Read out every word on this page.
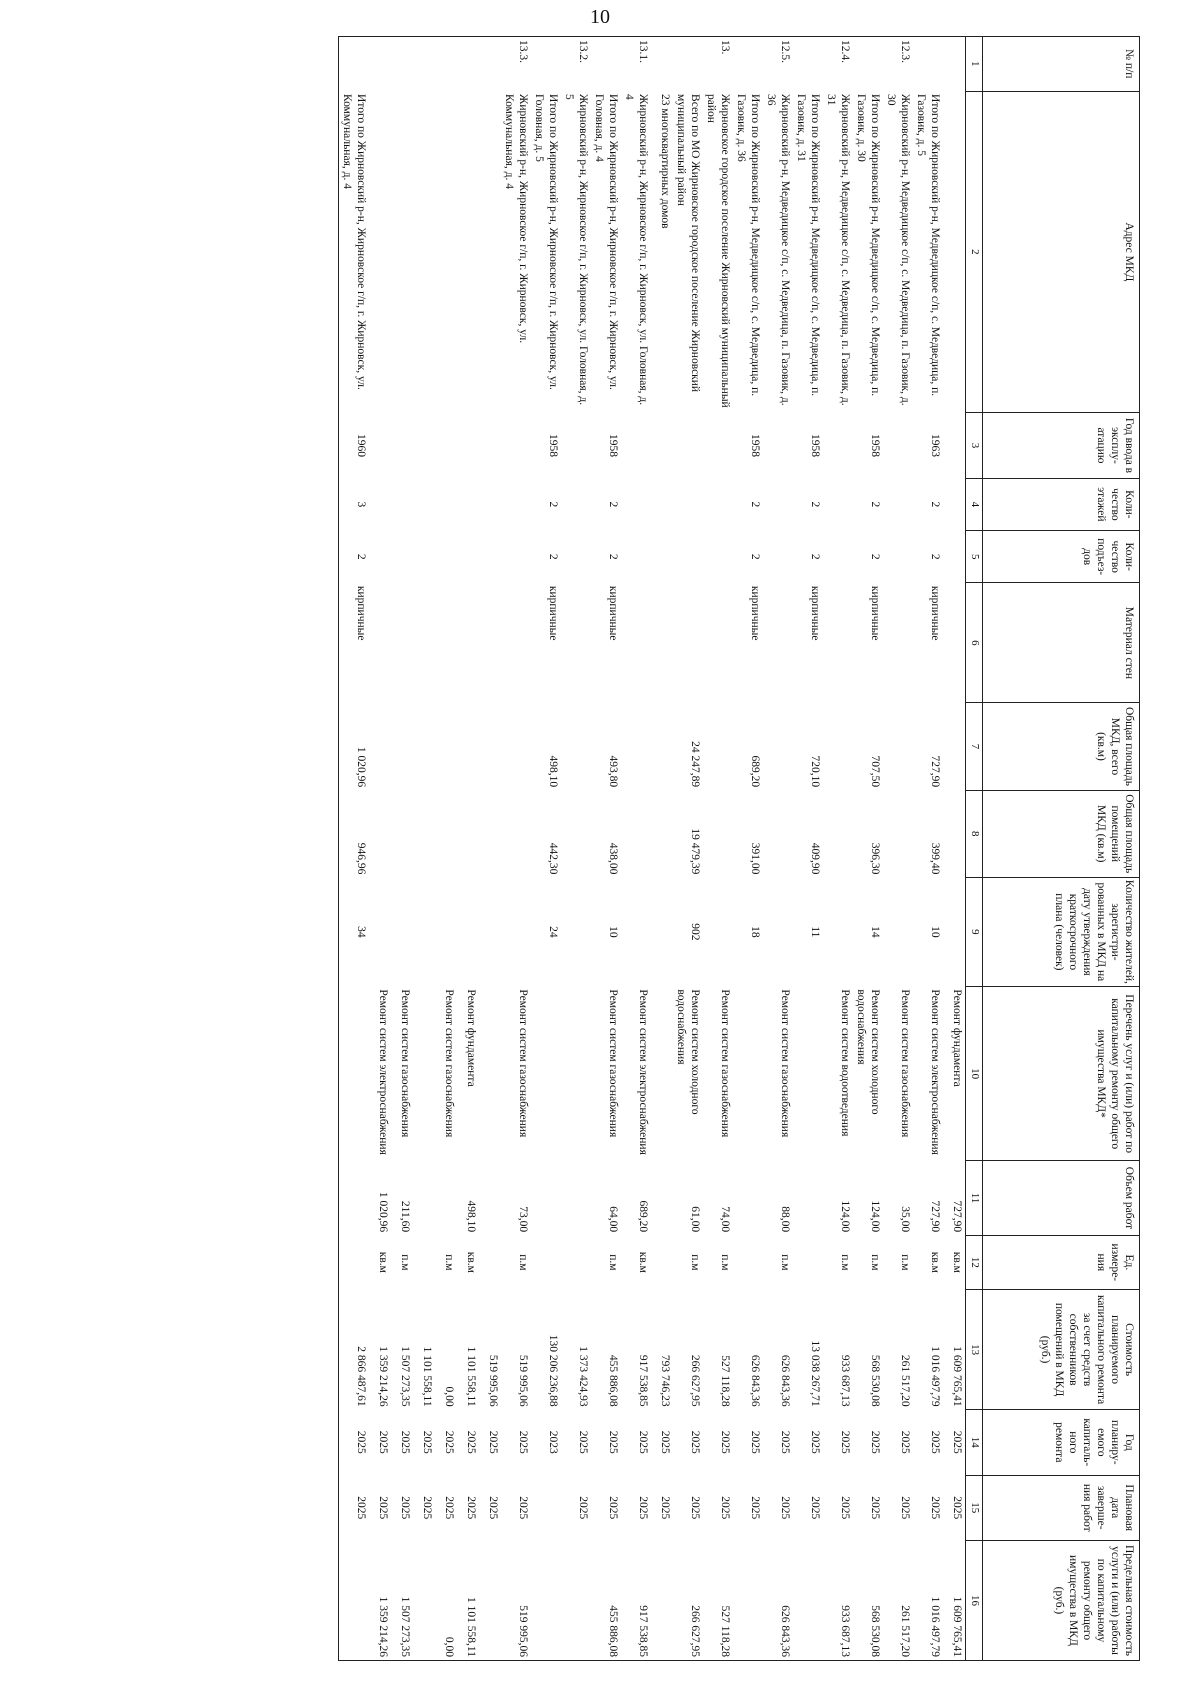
10
№ п/п	Адрес МКД	Год ввода в эксплу-атацию	Коли-чество этажей	Коли-чество подъез-дов	Материал стен	Общая площадь МКД, всего (кв.м)	Общая площадь помещений МКД (кв.м)	Количество жителей, зарегистри-рованных в МКД на дату утверждения краткосрочного плана (человек)	Перечень услуг и (или) работ по капитальному ремонту общего имущества МКД*	Объем работ	Ед. измере-ния	Стоимость планируемого капитального ремонта за счет средств собственников помещений в МКД (руб.)	Год планиру-емого капиталь-ного ремонта	Плановая дата заверше-ния работ	Предельная стоимость услуги и (или) работы по капитальному ремонту общего имущества в МКД (руб.)
1	2	3	4	5	6	7	8	9	10	11	12	13	14	15	16
									Ремонт фундамента	727,90	кв.м	1 609 765,41	2025	2025	1 609 765,41
	Итого по Жирновский р-н, Медведицкое с/п, с. Медведица, п. Газовик, д. 5	1963	2	2	кирпичные	727,90	399,40	10	Ремонт систем электроснабжения	727,90	кв.м	1 016 497,79	2025	2025	1 016 497,79
12.3.	Жирновский р-н, Медведицкое с/п, с. Медведица, п. Газовик, д. 30								Ремонт систем газоснабжения	35,00	п.м	261 517,20	2025	2025	261 517,20
	Итого по Жирновский р-н, Медведицкое с/п, с. Медведица, п. Газовик, д. 30	1958	2	2	кирпичные	707,50	396,30	14	Ремонт систем холодного водоснабжения	124,00	п.м	568 530,08	2025	2025	568 530,08
12.4.	Жирновский р-н, Медведицкое с/п, с. Медведица, п. Газовик, д. 31								Ремонт систем водоотведения	124,00	п.м	933 687,13	2025	2025	933 687,13
	Итого по Жирновский р-н, Медведицкое с/п, с. Медведица, п. Газовик, д. 31	1958	2	2	кирпичные	720,10	409,90	11				13 038 267,71	2025	2025	
12.5.	Жирновский р-н, Медведицкое с/п, с. Медведица, п. Газовик, д. 36								Ремонт систем газоснабжения	88,00	п.м	626 843,36	2025	2025	626 843,36
	Итого по Жирновский р-н, Медведицкое с/п, с. Медведица, п. Газовик, д. 36	1958	2	2	кирпичные	689,20	391,00	18				626 843,36	2025	2025	
13.	Жирновское городское поселение Жирновский муниципальный район								Ремонт систем газоснабжения	74,00	п.м	527 118,28	2025	2025	527 118,28
	Всего по МО Жирновское городское поселение Жирновский муниципальный район					24 247,89	19 479,39	902	Ремонт систем холодного водоснабжения	61,00	п.м	266 627,95	2025	2025	266 627,95
	23 многоквартирных домов											793 746,23	2025	2025	
13.1.	Жирновский р-н, Жирновское г/п, г. Жирновск, ул. Головная, д. 4								Ремонт систем электроснабжения	689,20	кв.м	917 538,85	2025	2025	917 538,85
	Итого по Жирновский р-н, Жирновское г/п, г. Жирновск, ул. Головная, д. 4	1958	2	2	кирпичные	493,80	438,00	10	Ремонт систем газоснабжения	64,00	п.м	455 886,08	2025	2025	455 886,08
13.2.	Жирновский р-н, Жирновское г/п, г. Жирновск, ул. Головная, д. 5											1 373 424,93	2025	2025	
	Итого по Жирновский р-н, Жирновское г/п, г. Жирновск, ул. Головная, д. 5	1958	2	2	кирпичные	498,10	442,30	24				130 206 236,88	2023		
13.3.	Жирновский р-н, Жирновское г/п, г. Жирновск, ул. Коммунальная, д. 4								Ремонт систем газоснабжения	73,00	п.м	519 995,06	2025	2025	519 995,06
												519 995,06	2025	2025	
									Ремонт фундамента	498,10	кв.м	1 101 558,11	2025	2025	1 101 558,11
									Ремонт систем газоснабжения		п.м	0,00	2025	2025	0,00
												1 101 558,11	2025	2025	
									Ремонт систем газоснабжения	211,60	п.м	1 507 273,35	2025	2025	1 507 273,35
									Ремонт систем электроснабжения	1 020,96	кв.м	1 359 214,26	2025	2025	1 359 214,26
	Итого по Жирновский р-н, Жирновское г/п, г. Жирновск, ул. Коммунальная, д. 4	1960	3	2	кирпичные	1 020,96	946,96	34				2 866 487,61	2025	2025	
